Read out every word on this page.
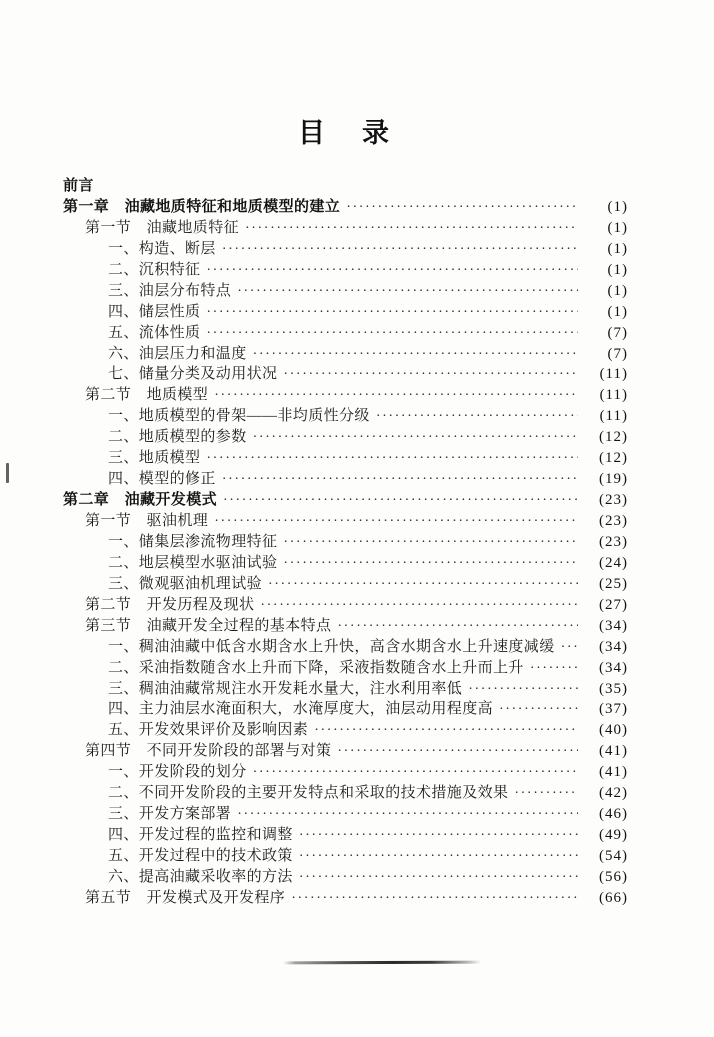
目　录
前言
第一章　油藏地质特征和地质模型的建立 ·····	(1)
第一节　油藏地质特征 ·····	(1)
一、构造、断层 ·····	(1)
二、沉积特征 ·····	(1)
三、油层分布特点 ·····	(1)
四、储层性质 ·····	(1)
五、流体性质 ·····	(7)
六、油层压力和温度 ·····	(7)
七、储量分类及动用状况 ·····	(11)
第二节　地质模型 ·····	(11)
一、地质模型的骨架——非均质性分级 ·····	(11)
二、地质模型的参数 ·····	(12)
三、地质模型 ·····	(12)
四、模型的修正 ·····	(19)
第二章　油藏开发模式 ·····	(23)
第一节　驱油机理 ·····	(23)
一、储集层渗流物理特征 ·····	(23)
二、地层模型水驱油试验 ·····	(24)
三、微观驱油机理试验 ·····	(25)
第二节　开发历程及现状 ·····	(27)
第三节　油藏开发全过程的基本特点 ·····	(34)
一、稠油油藏中低含水期含水上升快，高含水期含水上升速度减缓 ·····	(34)
二、采油指数随含水上升而下降，采液指数随含水上升而上升 ·····	(34)
三、稠油油藏常规注水开发耗水量大，注水利用率低 ·····	(35)
四、主力油层水淹面积大，水淹厚度大，油层动用程度高 ·····	(37)
五、开发效果评价及影响因素 ·····	(40)
第四节　不同开发阶段的部署与对策 ·····	(41)
一、开发阶段的划分 ·····	(41)
二、不同开发阶段的主要开发特点和采取的技术措施及效果 ·····	(42)
三、开发方案部署 ·····	(46)
四、开发过程的监控和调整 ·····	(49)
五、开发过程中的技术政策 ·····	(54)
六、提高油藏采收率的方法 ·····	(56)
第五节　开发模式及开发程序 ·····	(66)
